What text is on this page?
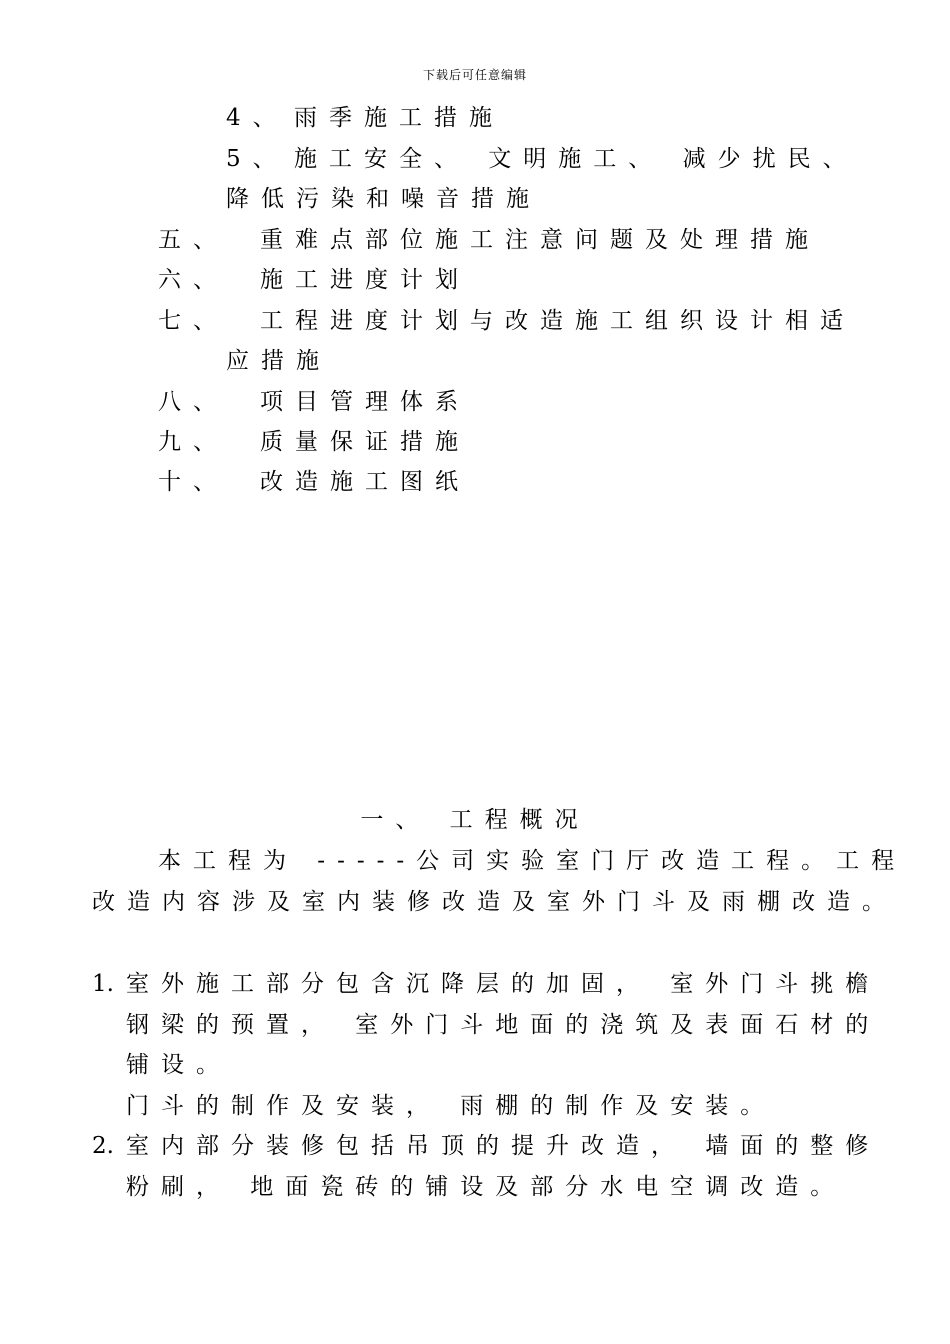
下载后可任意编辑
4、 雨季施工措施
5、 施工安全、 文明施工、 减少扰民、
降低污染和噪音措施
五、 重难点部位施工注意问题及处理措施
六、 施工进度计划
七、 工程进度计划与改造施工组织设计相适
应措施
八、 项目管理体系
九、 质量保证措施
十、 改造施工图纸
一、 工程概况
本工程为 -----公司实验室门厅改造工程。工程
改造内容涉及室内装修改造及室外门斗及雨棚改造。
1. 室外施工部分包含沉降层的加固， 室外门斗挑檐
钢梁的预置， 室外门斗地面的浇筑及表面石材的
铺设。
门斗的制作及安装， 雨棚的制作及安装。
2. 室内部分装修包括吊顶的提升改造， 墙面的整修
粉刷， 地面瓷砖的铺设及部分水电空调改造。
